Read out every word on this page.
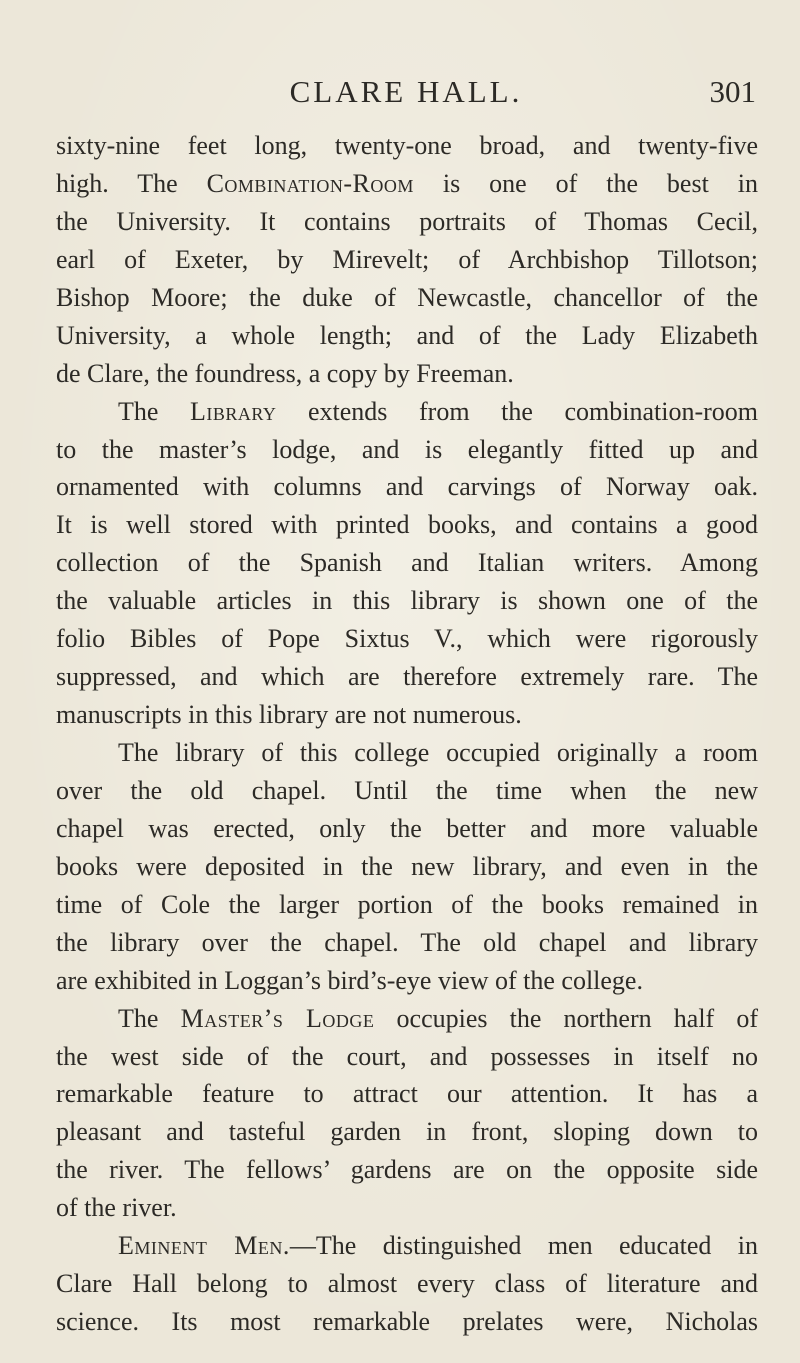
CLARE HALL.	301
sixty-nine feet long, twenty-one broad, and twenty-five
high. The Combination-Room is one of the best in
the University. It contains portraits of Thomas Cecil,
earl of Exeter, by Mirevelt; of Archbishop Tillotson;
Bishop Moore; the duke of Newcastle, chancellor of the
University, a whole length; and of the Lady Elizabeth
de Clare, the foundress, a copy by Freeman.
The Library extends from the combination-room
to the master’s lodge, and is elegantly fitted up and
ornamented with columns and carvings of Norway oak.
It is well stored with printed books, and contains a good
collection of the Spanish and Italian writers. Among
the valuable articles in this library is shown one of the
folio Bibles of Pope Sixtus V., which were rigorously
suppressed, and which are therefore extremely rare. The
manuscripts in this library are not numerous.
The library of this college occupied originally a room
over the old chapel. Until the time when the new
chapel was erected, only the better and more valuable
books were deposited in the new library, and even in the
time of Cole the larger portion of the books remained in
the library over the chapel. The old chapel and library
are exhibited in Loggan’s bird’s-eye view of the college.
The Master’s Lodge occupies the northern half of
the west side of the court, and possesses in itself no
remarkable feature to attract our attention. It has a
pleasant and tasteful garden in front, sloping down to
the river. The fellows’ gardens are on the opposite side
of the river.
Eminent Men.—The distinguished men educated in
Clare Hall belong to almost every class of literature and
science. Its most remarkable prelates were, Nicholas
